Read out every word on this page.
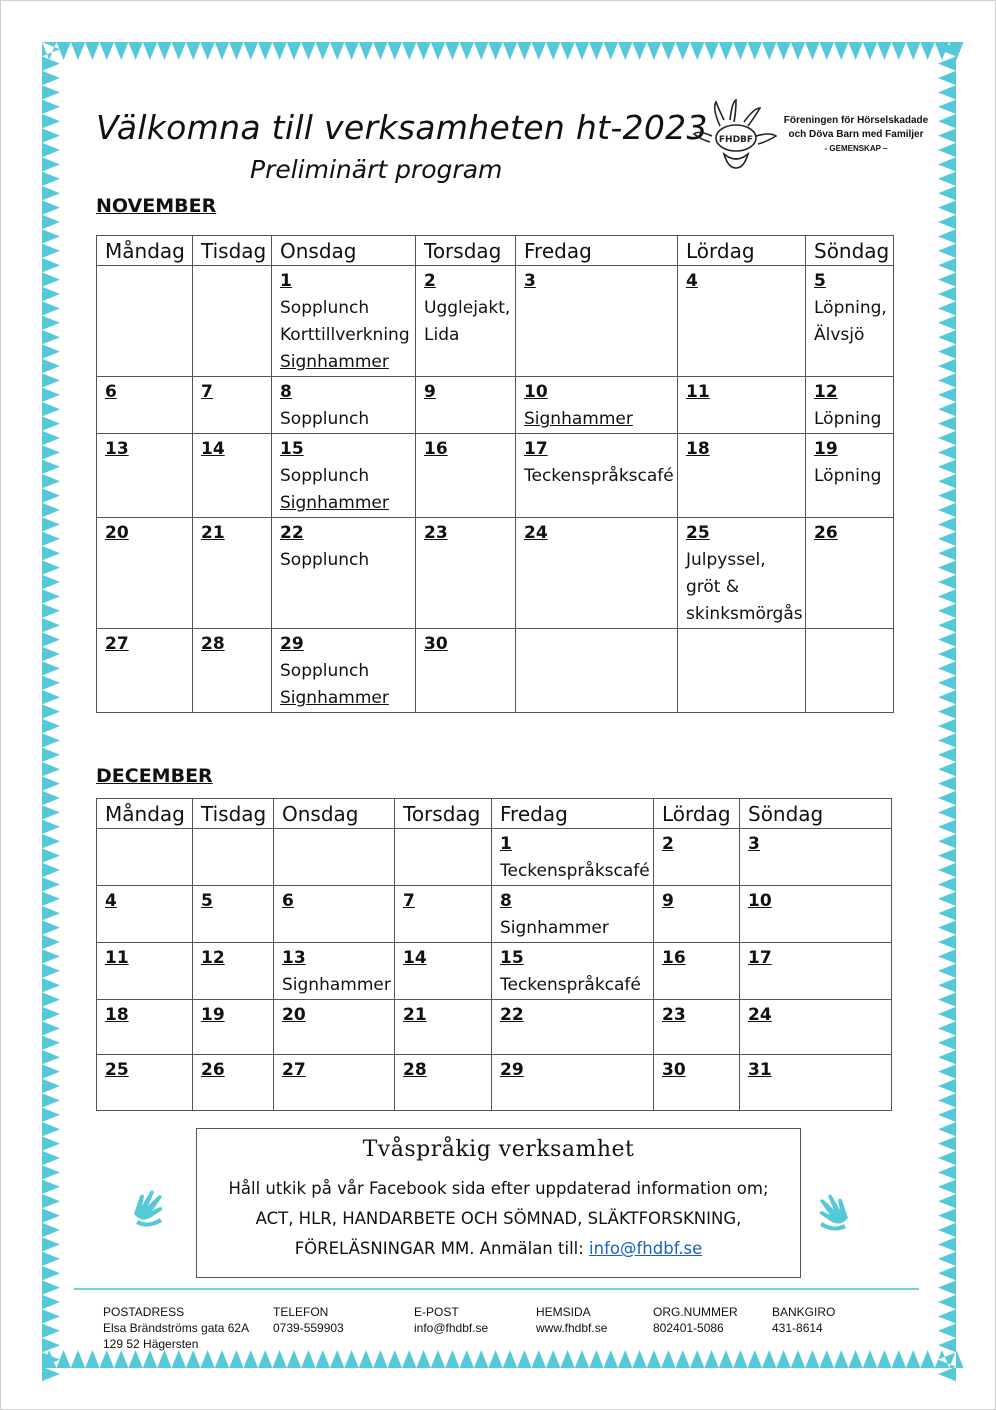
Välkomna till verksamheten ht-2023
Preliminärt program
FHDBF
Föreningen för Hörselskadade
och Döva Barn med Familjer
- GEMENSKAP –
NOVEMBER
Måndag	Tisdag	Onsdag	Torsdag	Fredag	Lördag	Söndag

		1
Sopplunch
Korttillverkning
Signhammer	2
Ugglejakt,
Lida	3	4	5
Löpning,
Älvsjö

6	7	8
Sopplunch	9	10
Signhammer	11	12
Löpning

13	14	15
Sopplunch
Signhammer	16	17
Teckenspråkscafé	18	19
Löpning

20	21	22
Sopplunch	23	24	25
Julpyssel,
gröt &
skinksmörgås	26

27	28	29
Sopplunch
Signhammer	30			

DECEMBER
Måndag	Tisdag	Onsdag	Torsdag	Fredag	Lördag	Söndag

				1
Teckenspråkscafé	2	3

4	5	6	7	8
Signhammer	9	10

11	12	13
Signhammer	14	15
Teckenspråkcafé	16	17

18	19	20	21	22	23	24

25	26	27	28	29	30	31
Tvåspråkig verksamhet
Håll utkik på vår Facebook sida efter uppdaterad information om;
ACT, HLR, HANDARBETE OCH SÖMNAD, SLÄKTFORSKNING,
FÖRELÄSNINGAR MM. Anmälan till: info@fhdbf.se
POSTADRESS
Elsa Brändströms gata 62A
129 52 Hägersten
TELEFON
0739-559903
E-POST
info@fhdbf.se
HEMSIDA
www.fhdbf.se
ORG.NUMMER
802401-5086
BANKGIRO
431-8614
